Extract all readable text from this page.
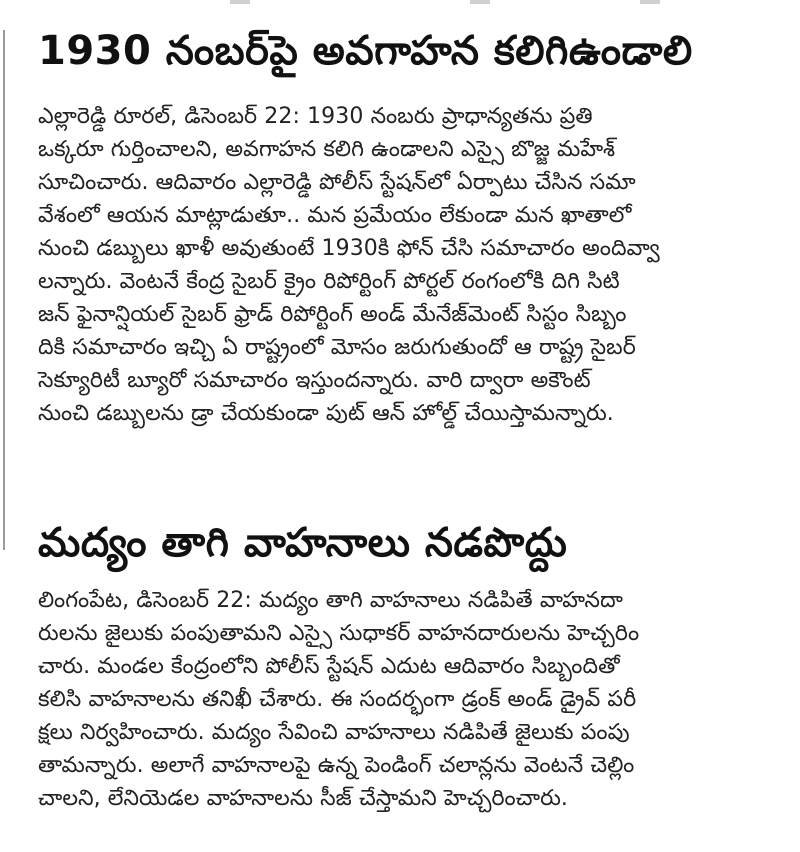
1930 నంబర్‌పై అవగాహన కలిగిఉండాలి

ఎల్లారెడ్డి రూరల్, డిసెంబర్ 22: 1930 నంబరు ప్రాధాన్యతను ప్రతి

ఒక్కరూ గుర్తించాలని, అవగాహన కలిగి ఉండాలని ఎస్సై బొజ్జ మహేశ్

సూచించారు. ఆదివారం ఎల్లారెడ్డి పోలీస్ స్టేషన్‌లో ఏర్పాటు చేసిన సమా

వేశంలో ఆయన మాట్లాడుతూ.. మన ప్రమేయం లేకుండా మన ఖాతాలో

నుంచి డబ్బులు ఖాళీ అవుతుంటే 1930కి ఫోన్ చేసి సమాచారం అందివ్వా

లన్నారు. వెంటనే కేంద్ర సైబర్ క్రైం రిపోర్టింగ్ పోర్టల్ రంగంలోకి దిగి సిటి

జన్ ఫైనాన్షియల్ సైబర్ ఫ్రాడ్ రిపోర్టింగ్ అండ్ మేనేజ్‌మెంట్ సిస్టం సిబ్బం

దికి సమాచారం ఇచ్చి ఏ రాష్ట్రంలో మోసం జరుగుతుందో ఆ రాష్ట్ర సైబర్

సెక్యూరిటీ బ్యూరో సమాచారం ఇస్తుందన్నారు. వారి ద్వారా అకౌంట్

నుంచి డబ్బులను డ్రా చేయకుండా పుట్ ఆన్ హోల్డ్ చేయిస్తామన్నారు.

మద్యం తాగి వాహనాలు నడపొద్దు

లింగంపేట, డిసెంబర్ 22: మద్యం తాగి వాహనాలు నడిపితే వాహనదా

రులను జైలుకు పంపుతామని ఎస్సై సుధాకర్ వాహనదారులను హెచ్చరిం

చారు. మండల కేంద్రంలోని పోలీస్ స్టేషన్ ఎదుట ఆదివారం సిబ్బందితో

కలిసి వాహనాలను తనిఖీ చేశారు. ఈ సందర్భంగా డ్రంక్ అండ్ డ్రైవ్ పరీ

క్షలు నిర్వహించారు. మద్యం సేవించి వాహనాలు నడిపితే జైలుకు పంపు

తామన్నారు. అలాగే వాహనాలపై ఉన్న పెండింగ్ చలాన్లను వెంటనే చెల్లిం

చాలని, లేనియెడల వాహనాలను సీజ్ చేస్తామని హెచ్చరించారు.
